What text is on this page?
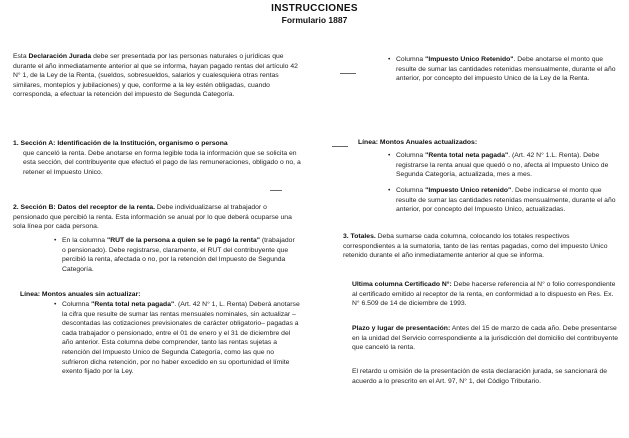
INSTRUCCIONES
Formulario 1887

Esta Declaración Jurada debe ser presentada por las personas naturales o jurídicas que durante el año inmediatamente anterior al que se informa, hayan pagado rentas del artículo 42 N° 1, de la Ley de la Renta, (sueldos, sobresueldos, salarios y cualesquiera otras rentas similares, montepíos y jubilaciones) y que, conforme a la ley estén obligadas, cuando corresponda, a efectuar la retención del impuesto de Segunda Categoría.

1. Sección A: Identificación de la Institución, organismo o persona
que canceló la renta. Debe anotarse en forma legible toda la información que se solicita en esta sección, del contribuyente que efectuó el pago de las remuneraciones, obligado o no, a retener el Impuesto Unico.

2. Sección B: Datos del receptor de la renta. Debe individualizarse al trabajador o pensionado que percibió la renta. Esta información se anual por lo que deberá ocuparse una sola línea por cada persona.

• En la columna "RUT de la persona a quien se le pagó la renta" (trabajador o pensionado). Debe registrarse, claramente, el RUT del contribuyente que percibió la renta, afectada o no, por la retención del Impuesto de Segunda Categoría.

Línea: Montos anuales sin actualizar:

• Columna "Renta total neta pagada". (Art. 42 N° 1, L. Renta) Deberá anotarse la cifra que resulte de sumar las rentas mensuales nominales, sin actualizar –descontadas las cotizaciones previsionales de carácter obligatorio– pagadas a cada trabajador o pensionado, entre el 01 de enero y el 31 de diciembre del año anterior. Esta columna debe comprender, tanto las rentas sujetas a retención del Impuesto Unico de Segunda Categoría, como las que no sufrieron dicha retención, por no haber excedido en su oportunidad el límite exento fijado por la Ley.

• Columna "Impuesto Unico Retenido". Debe anotarse el monto que resulte de sumar las cantidades retenidas mensualmente, durante el año anterior, por concepto del impuesto Unico de la Ley de la Renta.

Línea: Montos Anuales actualizados:

• Columna "Renta total neta pagada". (Art. 42 N° 1.L. Renta). Debe registrarse la renta anual que quedó o no, afecta al Impuesto Unico de Segunda Categoría, actualizada, mes a mes.

• Columna "Impuesto Unico retenido". Debe indicarse el monto que resulte de sumar las cantidades retenidas mensualmente, durante el año anterior, por concepto del Impuesto Unico, actualizadas.

3. Totales. Deba sumarse cada columna, colocando los totales respectivos correspondientes a la sumatoria, tanto de las rentas pagadas, como del impuesto Unico retenido durante el año inmediatamente anterior al que se informa.

Ultima columna Certificado N°: Debe hacerse referencia al N° o folio correspondiente al certificado emitido al receptor de la renta, en conformidad a lo dispuesto en Res. Ex. N° 6.509 de 14 de diciembre de 1993.

Plazo y lugar de presentación: Antes del 15 de marzo de cada año. Debe presentarse en la unidad del Servicio correspondiente a la jurisdicción del domicilio del contribuyente que canceló la renta.

El retardo u omisión de la presentación de esta declaración jurada, se sancionará de acuerdo a lo prescrito en el Art. 97, N° 1, del Código Tributario.
